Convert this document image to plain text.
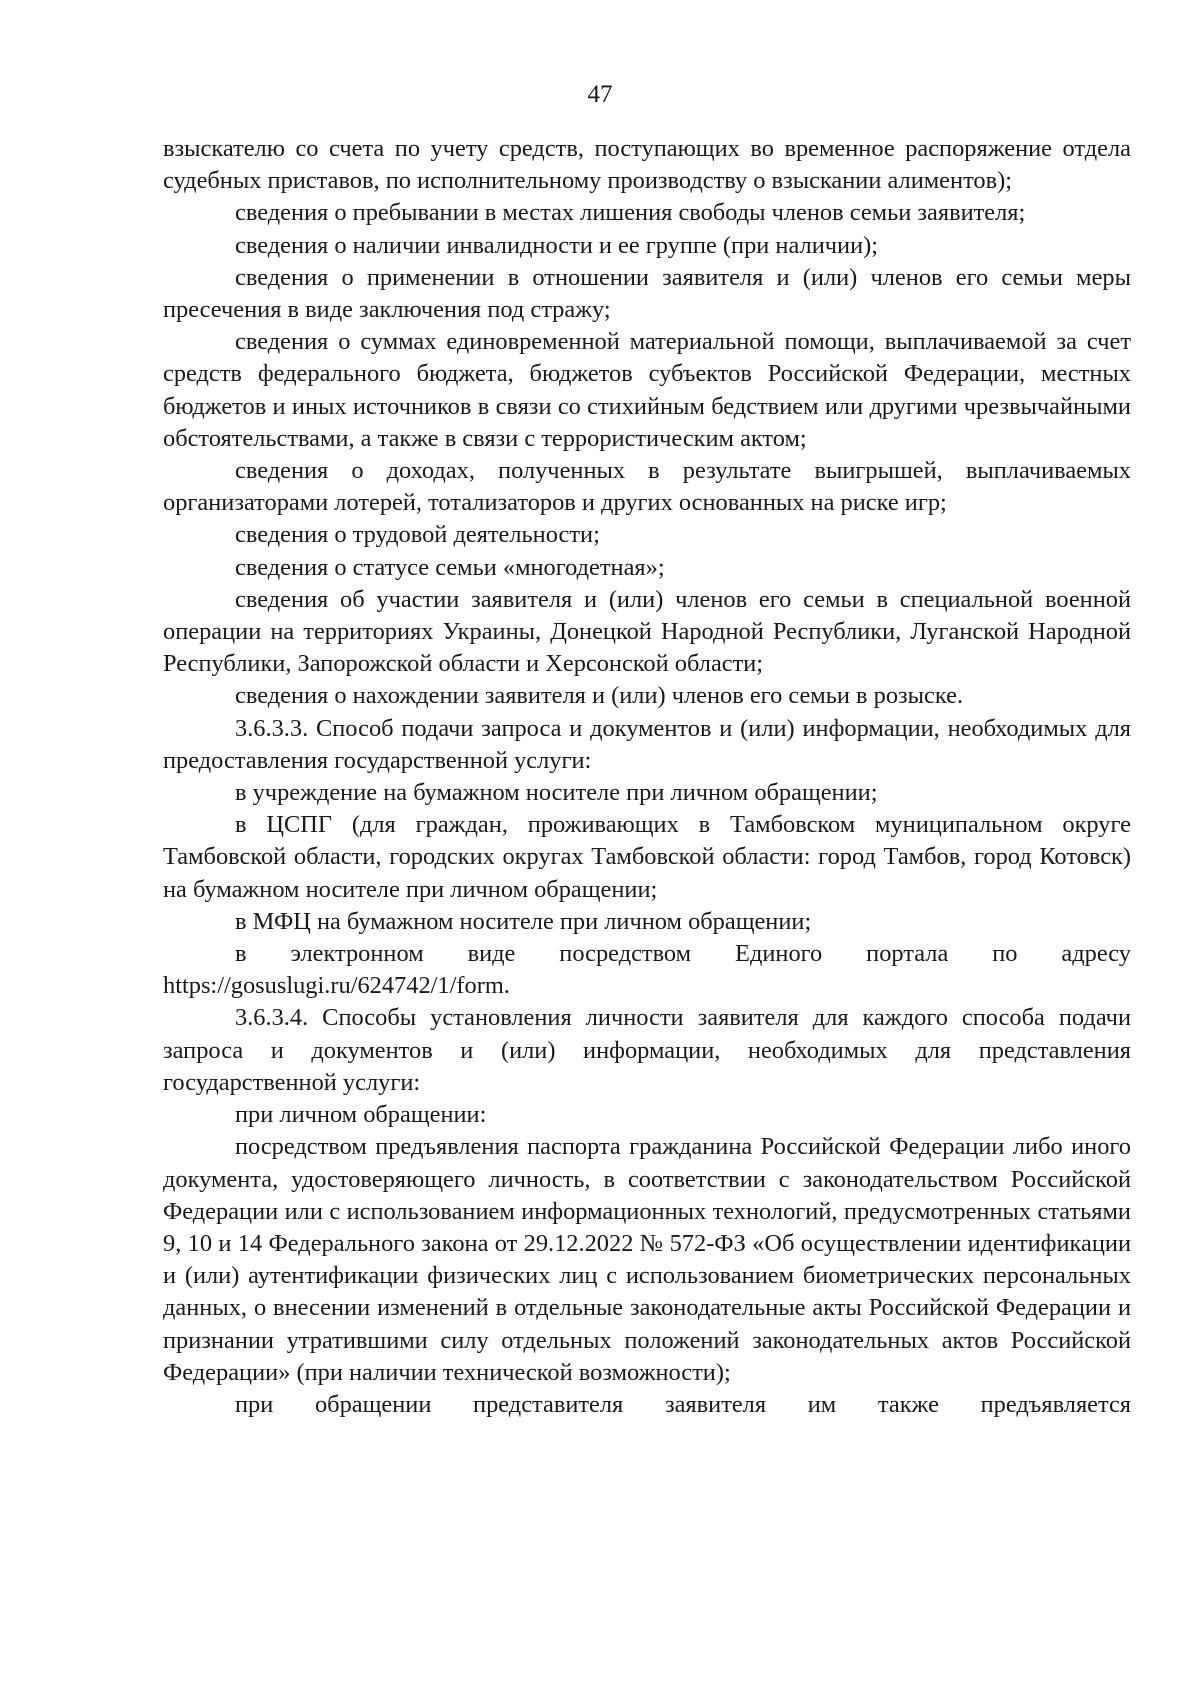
47

взыскателю со счета по учету средств, поступающих во временное распоряжение отдела судебных приставов, по исполнительному производству о взыскании алиментов);

сведения о пребывании в местах лишения свободы членов семьи заявителя;

сведения о наличии инвалидности и ее группе (при наличии);

сведения о применении в отношении заявителя и (или) членов его семьи меры пресечения в виде заключения под стражу;

сведения о суммах единовременной материальной помощи, выплачиваемой за счет средств федерального бюджета, бюджетов субъектов Российской Федерации, местных бюджетов и иных источников в связи со стихийным бедствием или другими чрезвычайными обстоятельствами, а также в связи с террористическим актом;

сведения о доходах, полученных в результате выигрышей, выплачиваемых организаторами лотерей, тотализаторов и других основанных на риске игр;

сведения о трудовой деятельности;

сведения о статусе семьи «многодетная»;

сведения об участии заявителя и (или) членов его семьи в специальной военной операции на территориях Украины, Донецкой Народной Республики, Луганской Народной Республики, Запорожской области и Херсонской области;

сведения о нахождении заявителя и (или) членов его семьи в розыске.

3.6.3.3. Способ подачи запроса и документов и (или) информации, необходимых для предоставления государственной услуги:

в учреждение на бумажном носителе при личном обращении;

в ЦСПГ (для граждан, проживающих в Тамбовском муниципальном округе Тамбовской области, городских округах Тамбовской области: город Тамбов, город Котовск) на бумажном носителе при личном обращении;

в МФЦ на бумажном носителе при личном обращении;

в электронном виде посредством Единого портала по адресу https://gosuslugi.ru/624742/1/form.

3.6.3.4. Способы установления личности заявителя для каждого способа подачи запроса и документов и (или) информации, необходимых для представления государственной услуги:

при личном обращении:

посредством предъявления паспорта гражданина Российской Федерации либо иного документа, удостоверяющего личность, в соответствии с законодательством Российской Федерации или с использованием информационных технологий, предусмотренных статьями 9, 10 и 14 Федерального закона от 29.12.2022 № 572-ФЗ «Об осуществлении идентификации и (или) аутентификации физических лиц с использованием биометрических персональных данных, о внесении изменений в отдельные законодательные акты Российской Федерации и признании утратившими силу отдельных положений законодательных актов Российской Федерации» (при наличии технической возможности);

при обращении представителя заявителя им также предъявляется
